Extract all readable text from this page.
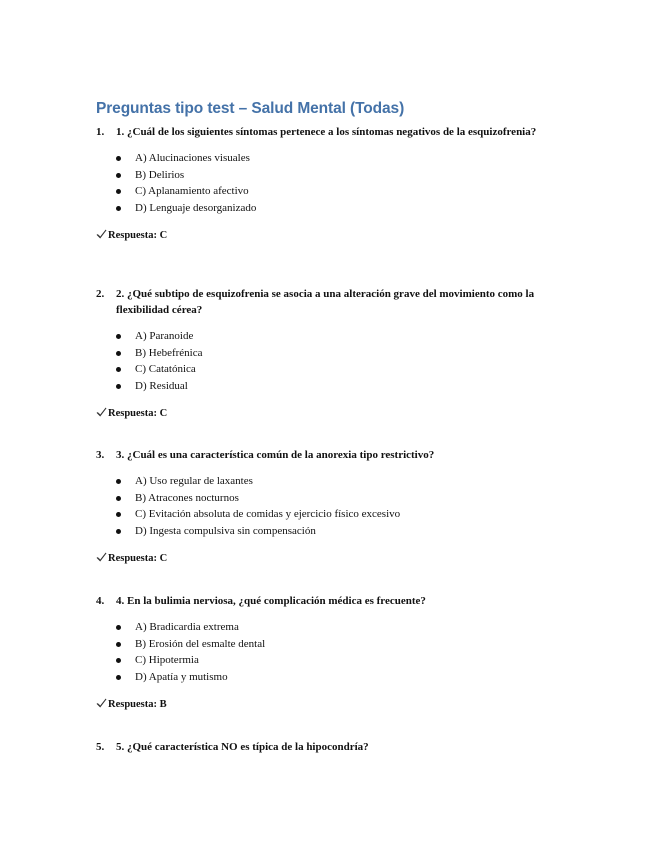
Preguntas tipo test – Salud Mental (Todas)
1. 1. ¿Cuál de los siguientes síntomas pertenece a los síntomas negativos de la esquizofrenia?
A) Alucinaciones visuales
B) Delirios
C) Aplanamiento afectivo
D) Lenguaje desorganizado
Respuesta: C
2. 2. ¿Qué subtipo de esquizofrenia se asocia a una alteración grave del movimiento como la flexibilidad cérea?
A) Paranoide
B) Hebefrénica
C) Catatónica
D) Residual
Respuesta: C
3. 3. ¿Cuál es una característica común de la anorexia tipo restrictivo?
A) Uso regular de laxantes
B) Atracones nocturnos
C) Evitación absoluta de comidas y ejercicio físico excesivo
D) Ingesta compulsiva sin compensación
Respuesta: C
4. 4. En la bulimia nerviosa, ¿qué complicación médica es frecuente?
A) Bradicardia extrema
B) Erosión del esmalte dental
C) Hipotermia
D) Apatía y mutismo
Respuesta: B
5. 5. ¿Qué característica NO es típica de la hipocondría?
